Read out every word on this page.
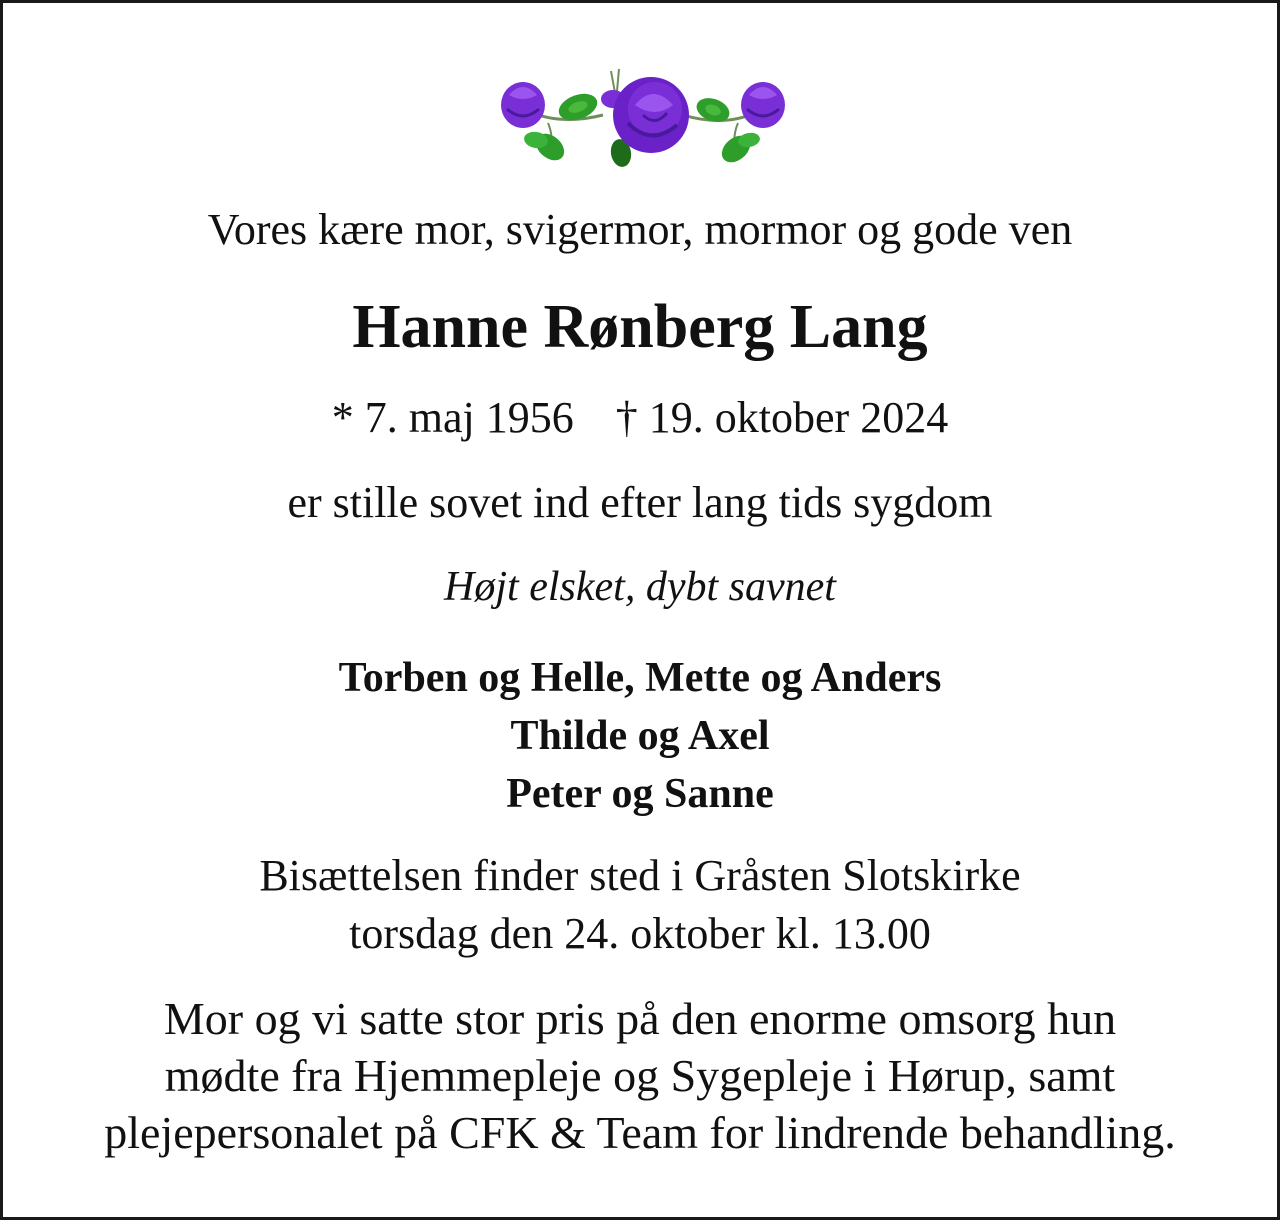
Vores kære mor, svigermor, mormor og gode ven
Hanne Rønberg Lang
* 7. maj 1956 † 19. oktober 2024
er stille sovet ind efter lang tids sygdom
Højt elsket, dybt savnet
Torben og Helle, Mette og Anders
Thilde og Axel
Peter og Sanne
Bisættelsen finder sted i Gråsten Slotskirke
torsdag den 24. oktober kl. 13.00
Mor og vi satte stor pris på den enorme omsorg hun
mødte fra Hjemmepleje og Sygepleje i Hørup, samt
plejepersonalet på CFK & Team for lindrende behandling.
